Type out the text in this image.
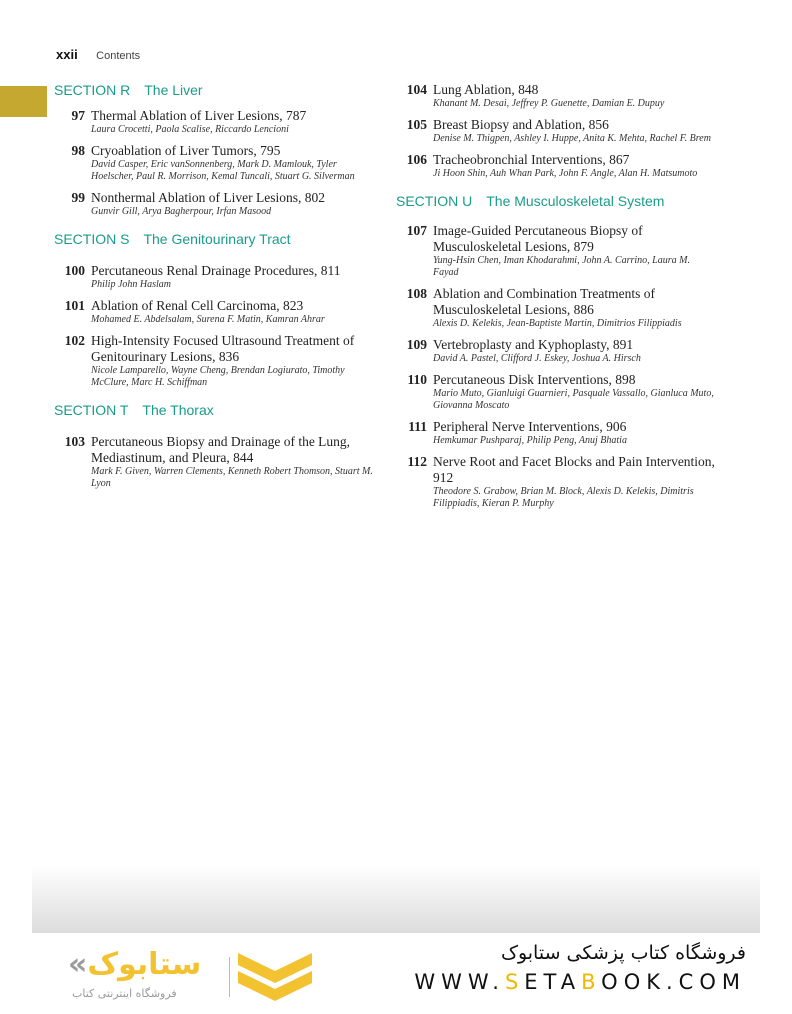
xxii Contents
SECTION R The Liver
97 Thermal Ablation of Liver Lesions, 787
Laura Crocetti, Paola Scalise, Riccardo Lencioni
98 Cryoablation of Liver Tumors, 795
David Casper, Eric vanSonnenberg, Mark D. Mamlouk, Tyler Hoelscher, Paul R. Morrison, Kemal Tuncali, Stuart G. Silverman
99 Nonthermal Ablation of Liver Lesions, 802
Gunvir Gill, Arya Bagherpour, Irfan Masood
SECTION S The Genitourinary Tract
100 Percutaneous Renal Drainage Procedures, 811
Philip John Haslam
101 Ablation of Renal Cell Carcinoma, 823
Mohamed E. Abdelsalam, Surena F. Matin, Kamran Ahrar
102 High-Intensity Focused Ultrasound Treatment of Genitourinary Lesions, 836
Nicole Lamparello, Wayne Cheng, Brendan Logiurato, Timothy McClure, Marc H. Schiffman
SECTION T The Thorax
103 Percutaneous Biopsy and Drainage of the Lung, Mediastinum, and Pleura, 844
Mark F. Given, Warren Clements, Kenneth Robert Thomson, Stuart M. Lyon
104 Lung Ablation, 848
Khanant M. Desai, Jeffrey P. Guenette, Damian E. Dupuy
105 Breast Biopsy and Ablation, 856
Denise M. Thigpen, Ashley I. Huppe, Anita K. Mehta, Rachel F. Brem
106 Tracheobronchial Interventions, 867
Ji Hoon Shin, Auh Whan Park, John F. Angle, Alan H. Matsumoto
SECTION U The Musculoskeletal System
107 Image-Guided Percutaneous Biopsy of Musculoskeletal Lesions, 879
Yung-Hsin Chen, Iman Khodarahmi, John A. Carrino, Laura M. Fayad
108 Ablation and Combination Treatments of Musculoskeletal Lesions, 886
Alexis D. Kelekis, Jean-Baptiste Martin, Dimitrios Filippiadis
109 Vertebroplasty and Kyphoplasty, 891
David A. Pastel, Clifford J. Eskey, Joshua A. Hirsch
110 Percutaneous Disk Interventions, 898
Mario Muto, Gianluigi Guarnieri, Pasquale Vassallo, Gianluca Muto, Giovanna Moscato
111 Peripheral Nerve Interventions, 906
Hemkumar Pushparaj, Philip Peng, Anuj Bhatia
112 Nerve Root and Facet Blocks and Pain Intervention, 912
Theodore S. Grabow, Brian M. Block, Alexis D. Kelekis, Dimitris Filippiadis, Kieran P. Murphy
«ستابوک
فروشگاه اینترنتی کتاب
فروشگاه کتاب پزشکی ستابوک
WWW.SETABOOK.COM
